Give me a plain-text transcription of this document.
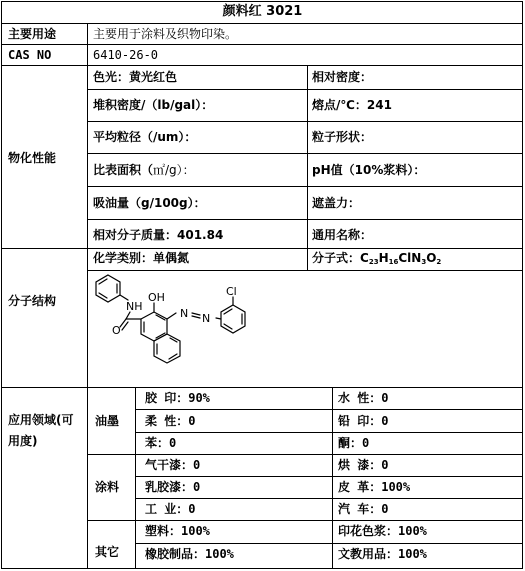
颜料红 3021
主要用途	主要用于涂料及织物印染。
CAS NO	6410-26-0
物化性能
色光：黄光红色	相对密度：
堆积密度/（lb/gal）：	熔点/℃：241
平均粒径（/um）：	粒子形状：
比表面积（㎡/g）：	pH值（10%浆料）：
吸油量（g/100g）：	遮盖力：
相对分子质量：401.84	通用名称：
分子结构
化学类别：单偶氮	分子式：$C_{23}H_{16}ClN_3O_2$
NH
OH
O
Cl
N N
应用领域(可
用度)
油墨
胶 印：90%	水 性：0
柔 性：0	铅 印：0
苯：0	酮：0
涂料
气干漆：0	烘 漆：0
乳胶漆：0	皮 革：100%
工 业：0	汽 车：0
其它
塑料：100%	印花色浆：100%
橡胶制品：100%	文教用品：100%
